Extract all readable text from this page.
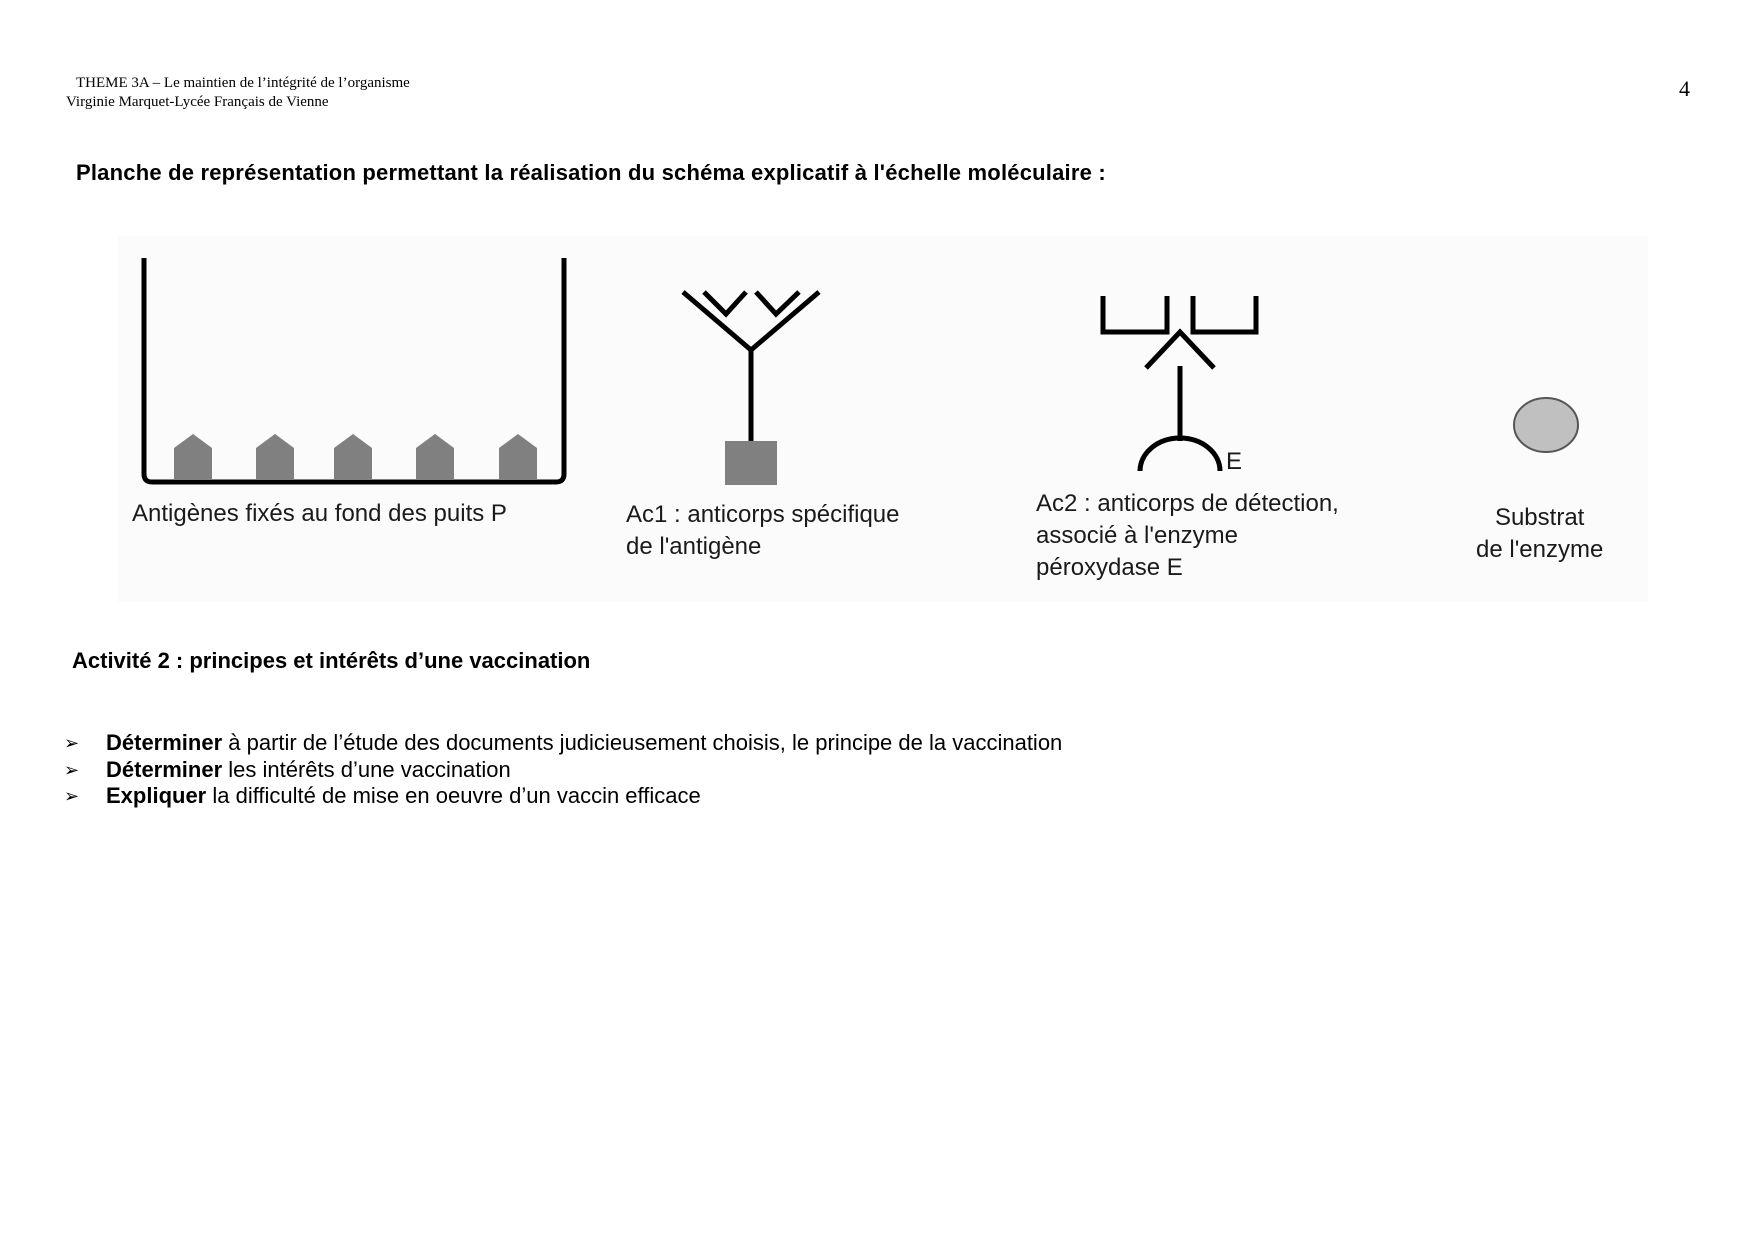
THEME 3A – Le maintien de l’intégrité de l’organisme
Virginie Marquet-Lycée Français de Vienne
4
Planche de représentation permettant la réalisation du schéma explicatif à l'échelle moléculaire :
Antigènes fixés au fond des puits P	Ac1 : anticorps spécifique
de l'antigène
Ac2 : anticorps de détection,
associé à l'enzyme
péroxydase E
E
Substrat
de l'enzyme
Activité 2 : principes et intérêts d’une vaccination
➢	Déterminer à partir de l’étude des documents judicieusement choisis, le principe de la vaccination
➢	Déterminer les intérêts d’une vaccination
➢	Expliquer la difficulté de mise en oeuvre d’un vaccin efficace
